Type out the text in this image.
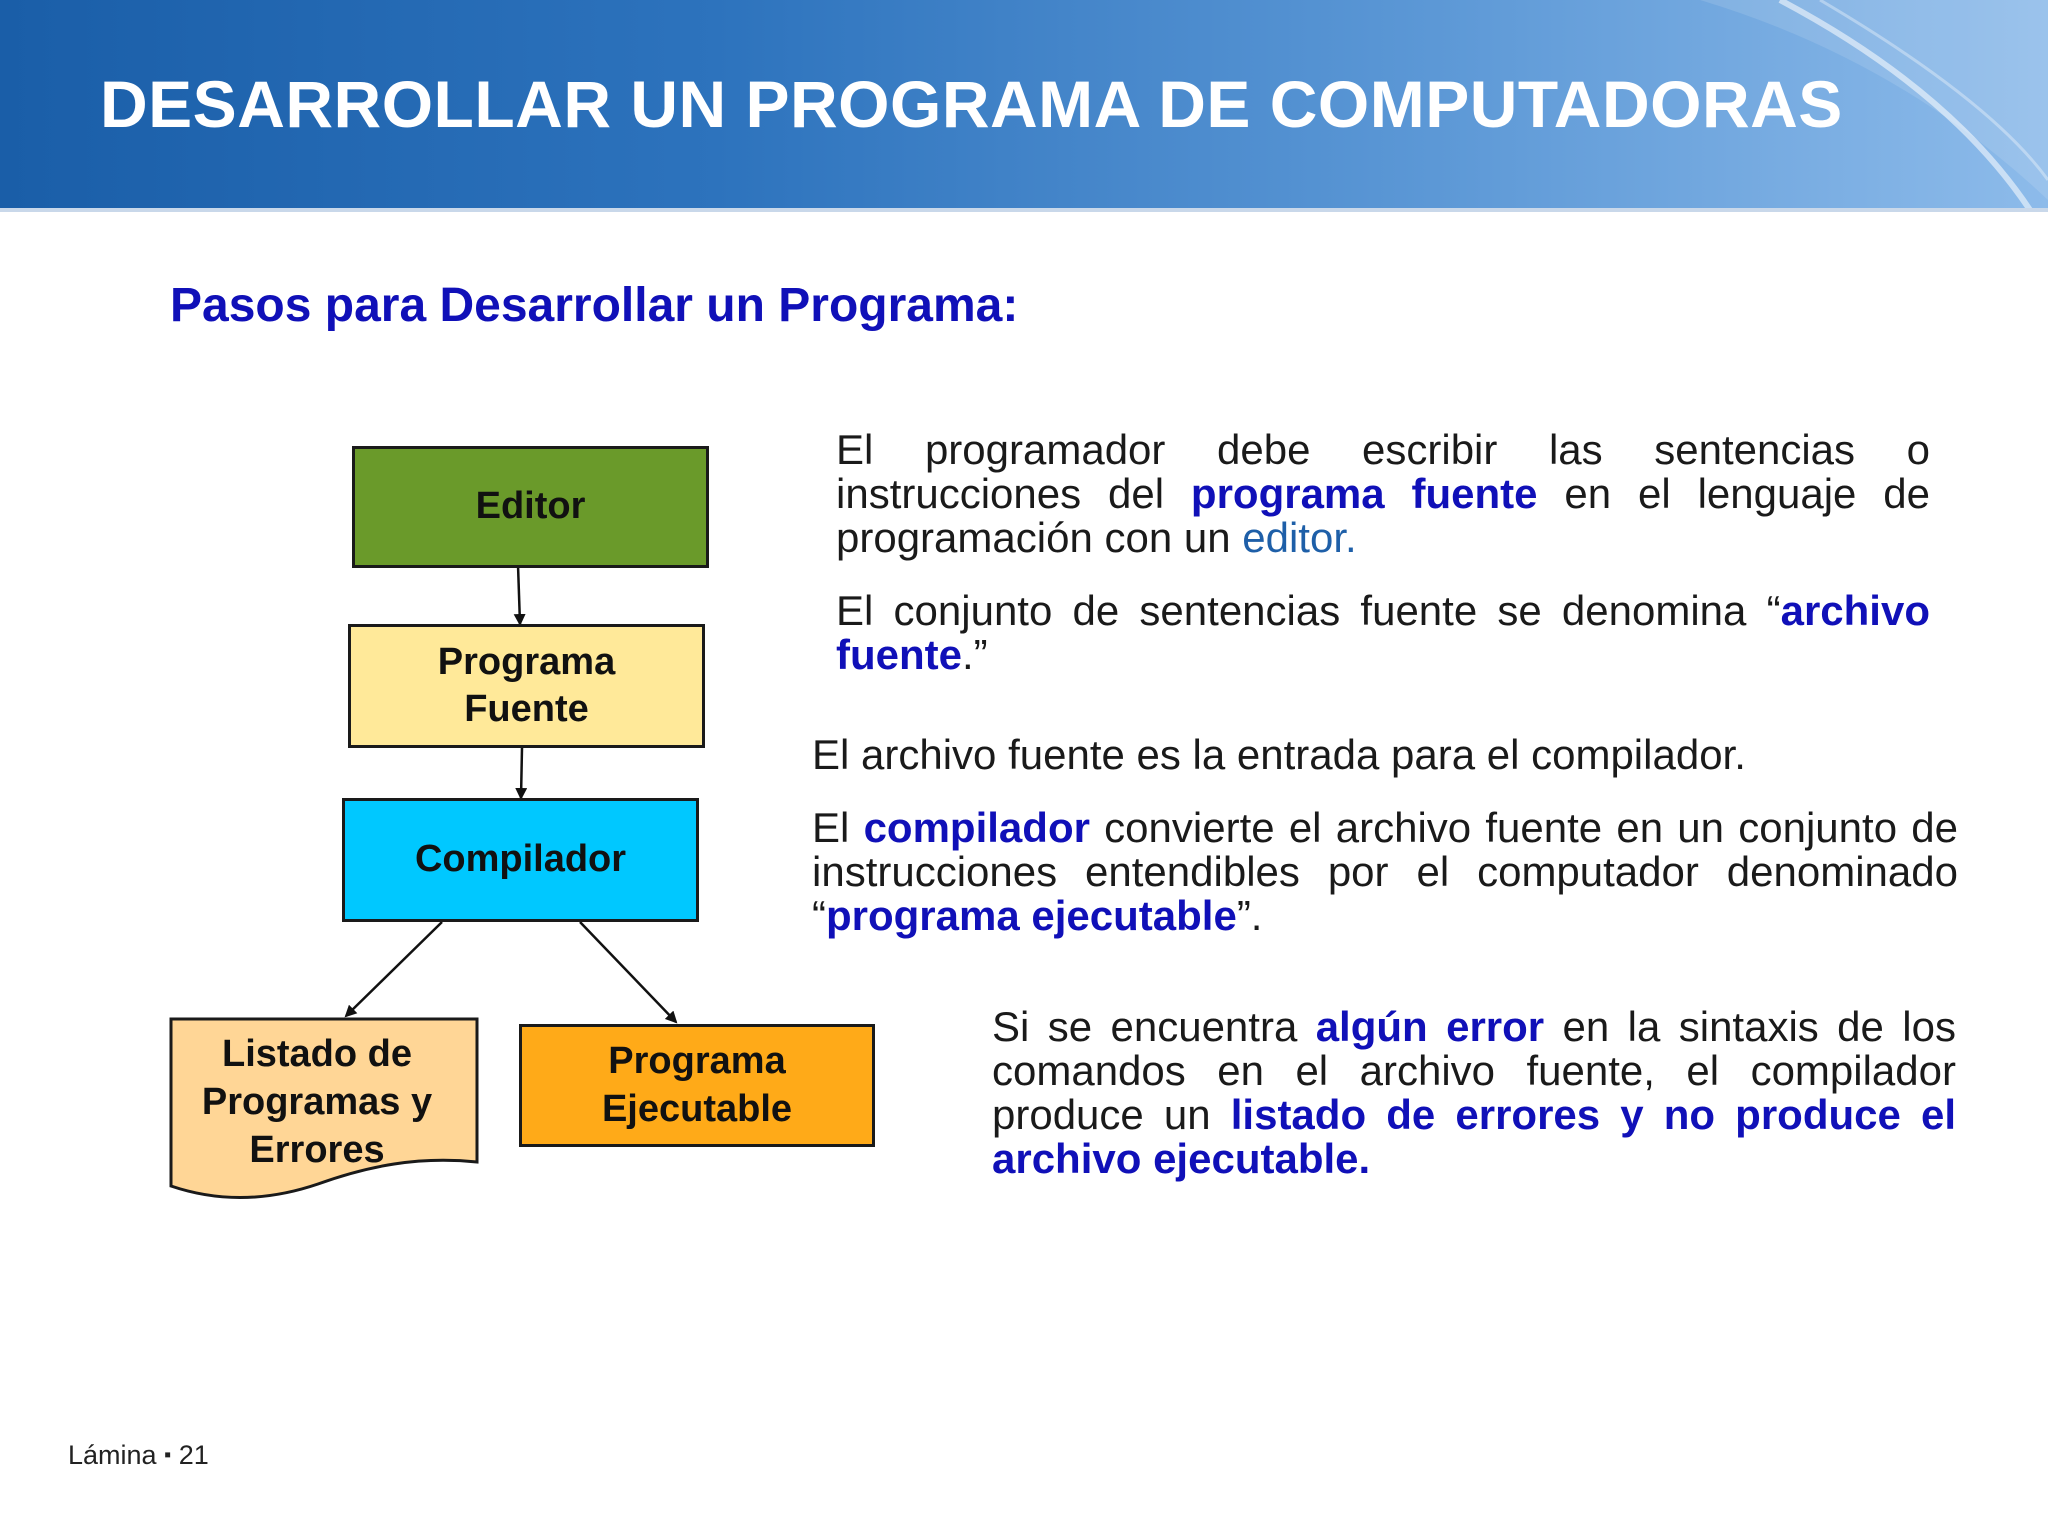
DESARROLLAR UN PROGRAMA DE COMPUTADORAS
Pasos para Desarrollar un Programa:
Editor
Programa Fuente
Compilador
Listado de Programas y Errores
Programa Ejecutable
El programador debe escribir las sentencias o instrucciones del programa fuente en el lenguaje de programación con un editor.
El conjunto de sentencias fuente se denomina “archivo fuente.”
El archivo fuente es la entrada para el compilador.
El compilador convierte el archivo fuente en un conjunto de instrucciones entendibles por el computador denominado “programa ejecutable”.
Si se encuentra algún error en la sintaxis de los comandos en el archivo fuente, el compilador produce un listado de errores y no produce el archivo ejecutable.
Lámina ▪ 21
